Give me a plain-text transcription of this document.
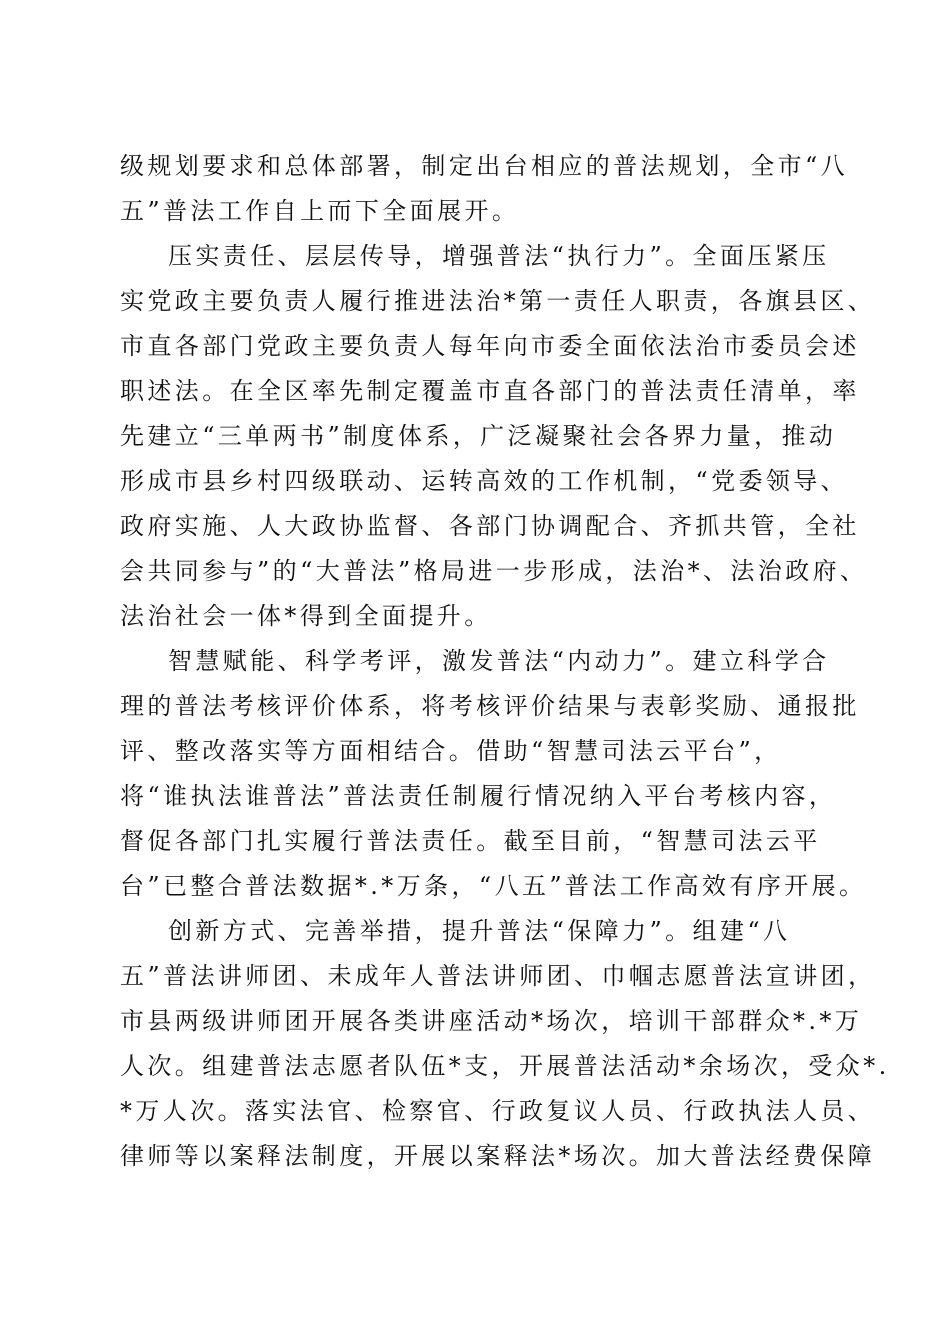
级规划要求和总体部署，制定出台相应的普法规划，全市“八
五”普法工作自上而下全面展开。
压实责任、层层传导，增强普法“执行力”。全面压紧压
实党政主要负责人履行推进法治*第一责任人职责，各旗县区、
市直各部门党政主要负责人每年向市委全面依法治市委员会述
职述法。在全区率先制定覆盖市直各部门的普法责任清单，率
先建立“三单两书”制度体系，广泛凝聚社会各界力量，推动
形成市县乡村四级联动、运转高效的工作机制，“党委领导、
政府实施、人大政协监督、各部门协调配合、齐抓共管，全社
会共同参与”的“大普法”格局进一步形成，法治*、法治政府、
法治社会一体*得到全面提升。
智慧赋能、科学考评，激发普法“内动力”。建立科学合
理的普法考核评价体系，将考核评价结果与表彰奖励、通报批
评、整改落实等方面相结合。借助“智慧司法云平台”，
将“谁执法谁普法”普法责任制履行情况纳入平台考核内容，
督促各部门扎实履行普法责任。截至目前，“智慧司法云平
台”已整合普法数据*.*万条，“八五”普法工作高效有序开展。
创新方式、完善举措，提升普法“保障力”。组建“八
五”普法讲师团、未成年人普法讲师团、巾帼志愿普法宣讲团，
市县两级讲师团开展各类讲座活动*场次，培训干部群众*.*万
人次。组建普法志愿者队伍*支，开展普法活动*余场次，受众*.
*万人次。落实法官、检察官、行政复议人员、行政执法人员、
律师等以案释法制度，开展以案释法*场次。加大普法经费保障
